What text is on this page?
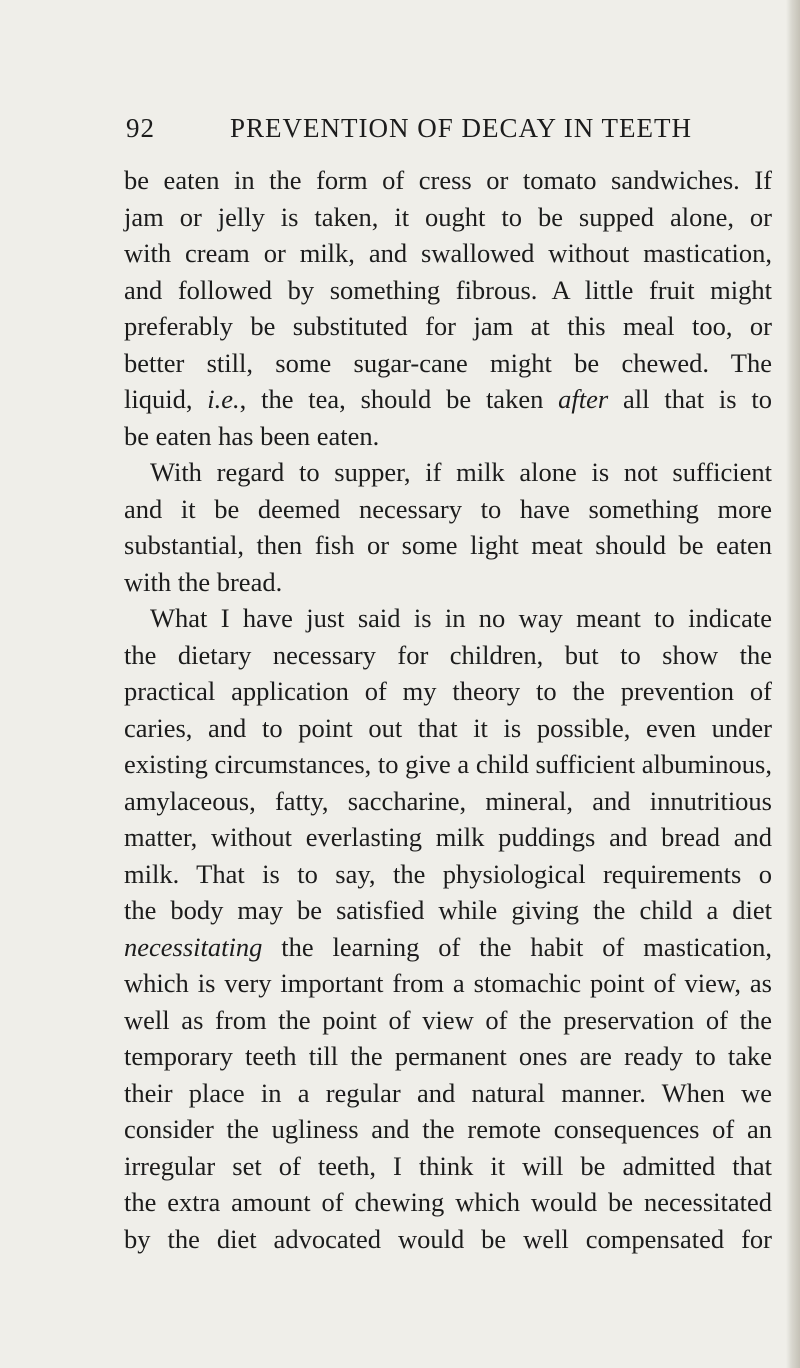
92	PREVENTION OF DECAY IN TEETH
be eaten in the form of cress or tomato sandwiches. If
jam or jelly is taken, it ought to be supped alone, or
with cream or milk, and swallowed without mastication,
and followed by something fibrous. A little fruit might
preferably be substituted for jam at this meal too, or
better still, some sugar-cane might be chewed. The
liquid, i.e., the tea, should be taken after all that is to
be eaten has been eaten.
With regard to supper, if milk alone is not sufficient
and it be deemed necessary to have something more
substantial, then fish or some light meat should be eaten
with the bread.
What I have just said is in no way meant to indicate
the dietary necessary for children, but to show the
practical application of my theory to the prevention of
caries, and to point out that it is possible, even under
existing circumstances, to give a child sufficient albuminous,
amylaceous, fatty, saccharine, mineral, and innutritious
matter, without everlasting milk puddings and bread and
milk. That is to say, the physiological requirements o
the body may be satisfied while giving the child a diet
necessitating the learning of the habit of mastication,
which is very important from a stomachic point of view, as
well as from the point of view of the preservation of the
temporary teeth till the permanent ones are ready to take
their place in a regular and natural manner. When we
consider the ugliness and the remote consequences of an
irregular set of teeth, I think it will be admitted that
the extra amount of chewing which would be necessitated
by the diet advocated would be well compensated for
